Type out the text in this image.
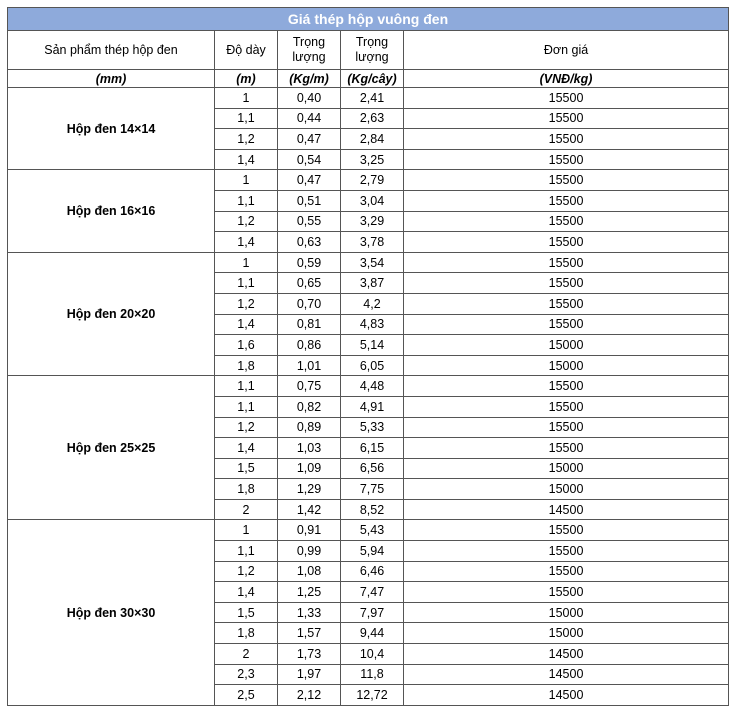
Giá thép hộp vuông đen				
Sản phẩm thép hộp đen	Độ dày	Trọng lượng	Trọng lượng	Đơn giá
(mm)	(m)	(Kg/m)	(Kg/cây)	(VNĐ/kg)
Hộp đen 14×14	1	0,40	2,41	15500
	1,1	0,44	2,63	15500
	1,2	0,47	2,84	15500
	1,4	0,54	3,25	15500
Hộp đen 16×16	1	0,47	2,79	15500
	1,1	0,51	3,04	15500
	1,2	0,55	3,29	15500
	1,4	0,63	3,78	15500
Hộp đen 20×20	1	0,59	3,54	15500
	1,1	0,65	3,87	15500
	1,2	0,70	4,2	15500
	1,4	0,81	4,83	15500
	1,6	0,86	5,14	15000
	1,8	1,01	6,05	15000
Hộp đen 25×25	1,1	0,75	4,48	15500
	1,1	0,82	4,91	15500
	1,2	0,89	5,33	15500
	1,4	1,03	6,15	15500
	1,5	1,09	6,56	15000
	1,8	1,29	7,75	15000
	2	1,42	8,52	14500
Hộp đen 30×30	1	0,91	5,43	15500
	1,1	0,99	5,94	15500
	1,2	1,08	6,46	15500
	1,4	1,25	7,47	15500
	1,5	1,33	7,97	15000
	1,8	1,57	9,44	15000
	2	1,73	10,4	14500
	2,3	1,97	11,8	14500
	2,5	2,12	12,72	14500
